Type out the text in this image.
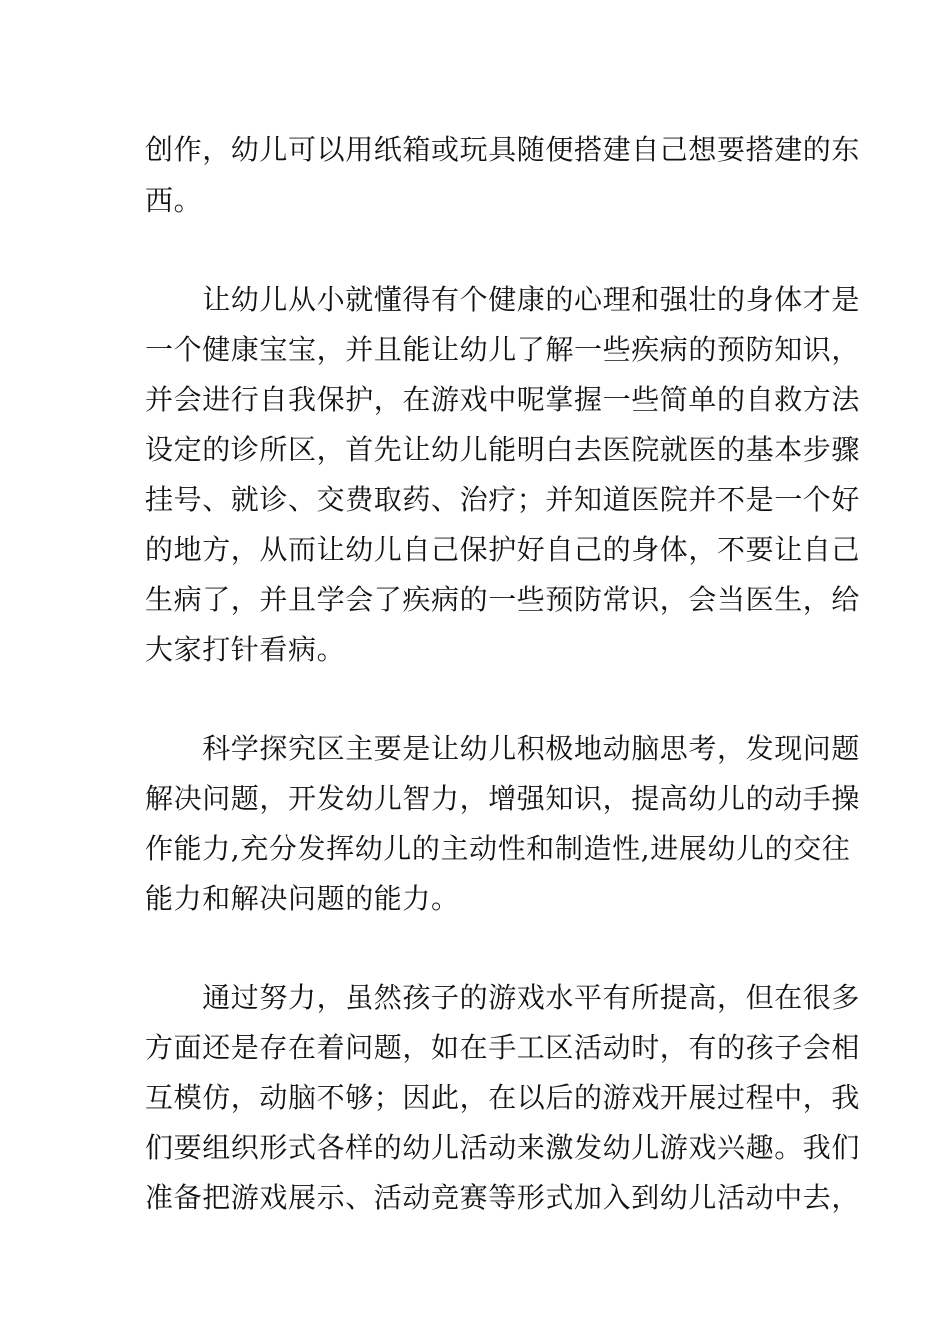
创作，幼儿可以用纸箱或玩具随便搭建自己想要搭建的东
西。
　　让幼儿从小就懂得有个健康的心理和强壮的身体才是
一个健康宝宝，并且能让幼儿了解一些疾病的预防知识，
并会进行自我保护，在游戏中呢掌握一些简单的自救方法
设定的诊所区，首先让幼儿能明白去医院就医的基本步骤
挂号、就诊、交费取药、治疗；并知道医院并不是一个好
的地方，从而让幼儿自己保护好自己的身体，不要让自己
生病了，并且学会了疾病的一些预防常识，会当医生，给
大家打针看病。
　　科学探究区主要是让幼儿积极地动脑思考，发现问题
解决问题，开发幼儿智力，增强知识，提高幼儿的动手操
作能力,充分发挥幼儿的主动性和制造性,进展幼儿的交往
能力和解决问题的能力。
　　通过努力，虽然孩子的游戏水平有所提高，但在很多
方面还是存在着问题，如在手工区活动时，有的孩子会相
互模仿，动脑不够；因此，在以后的游戏开展过程中，我
们要组织形式各样的幼儿活动来激发幼儿游戏兴趣。我们
准备把游戏展示、活动竞赛等形式加入到幼儿活动中去，
